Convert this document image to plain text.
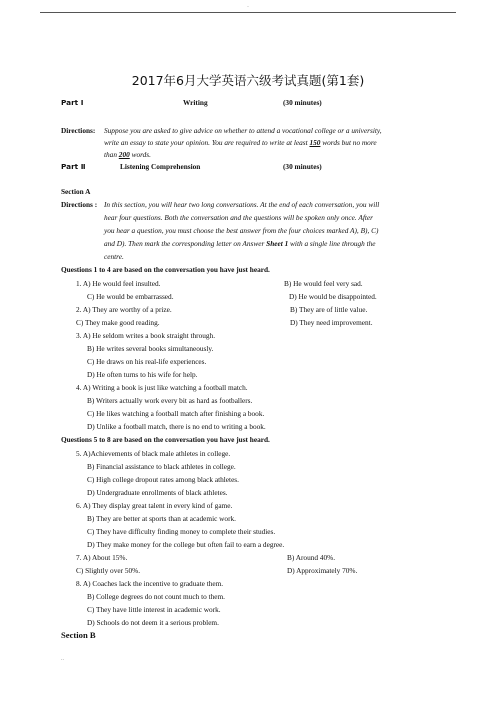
.
2017年6月大学英语六级考试真题(第1套)
Part Ⅰ	Writing	(30 minutes)
Directions: Suppose you are asked to give advice on whether to attend a vocational college or a university,
write an essay to state your opinion. You are required to write at least 150 words but no more
than 200 words.
Part Ⅱ	Listening Comprehension	(30 minutes)
Section A
Directions : In this section, you will hear two long conversations. At the end of each conversation, you will
hear four questions. Both the conversation and the questions will be spoken only once. After
you hear a question, you must choose the best answer from the four choices marked A), B), C)
and D). Then mark the corresponding letter on Answer Sheet 1 with a single line through the
centre.
Questions 1 to 4 are based on the conversation you have just heard.
1. A) He would feel insulted.	B) He would feel very sad.
C) He would be embarrassed.	D) He would be disappointed.
2. A) They are worthy of a prize.	B) They are of little value.
C) They make good reading.	D) They need improvement.
3. A) He seldom writes a book straight through.
B) He writes several books simultaneously.
C) He draws on his real-life experiences.
D) He often turns to his wife for help.
4. A) Writing a book is just like watching a football match.
B) Writers actually work every bit as hard as footballers.
C) He likes watching a football match after finishing a book.
D) Unlike a football match, there is no end to writing a book.
Questions 5 to 8 are based on the conversation you have just heard.
5. A)Achievements of black male athletes in college.
B) Financial assistance to black athletes in college.
C) High college dropout rates among black athletes.
D) Undergraduate enrollments of black athletes.
6. A) They display great talent in every kind of game.
B) They are better at sports than at academic work.
C) They have difficulty finding money to complete their studies.
D) They make money for the college but often fail to earn a degree.
7. A) About 15%.	B) Around 40%.
C) Slightly over 50%.	D) Approximately 70%.
8. A) Coaches lack the incentive to graduate them.
B) College degrees do not count much to them.
C) They have little interest in academic work.
D) Schools do not deem it a serious problem.
Section B
..
